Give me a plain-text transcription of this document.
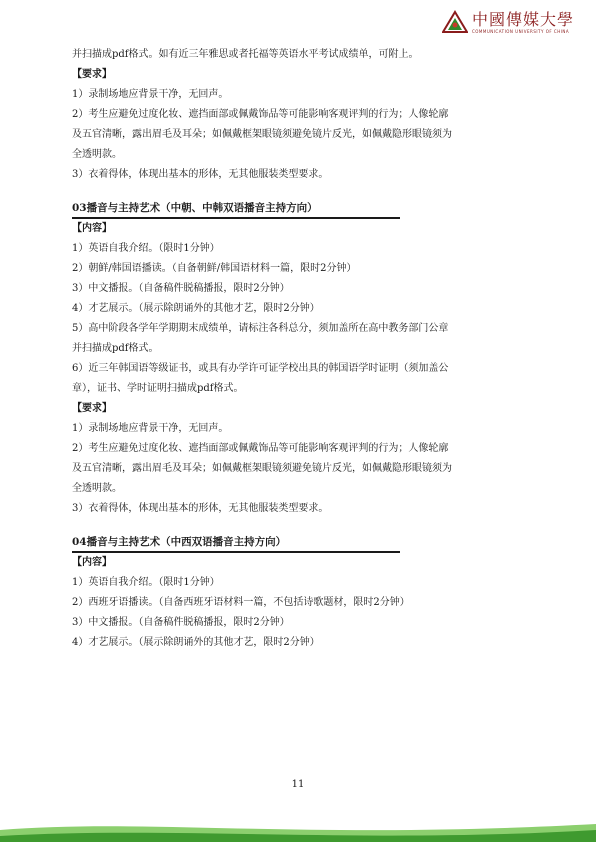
中國傳媒大學
COMMUNICATION UNIVERSITY OF CHINA
并扫描成pdf格式。如有近三年雅思或者托福等英语水平考试成绩单，可附上。
【要求】
1）录制场地应背景干净，无回声。
2）考生应避免过度化妆、遮挡面部或佩戴饰品等可能影响客观评判的行为；人像轮廓
及五官清晰，露出眉毛及耳朵；如佩戴框架眼镜须避免镜片反光，如佩戴隐形眼镜须为
全透明款。
3）衣着得体，体现出基本的形体，无其他服装类型要求。
03播音与主持艺术（中朝、中韩双语播音主持方向）
【内容】
1）英语自我介绍。（限时1分钟）
2）朝鲜/韩国语播读。（自备朝鲜/韩国语材料一篇，限时2分钟）
3）中文播报。（自备稿件脱稿播报，限时2分钟）
4）才艺展示。（展示除朗诵外的其他才艺，限时2分钟）
5）高中阶段各学年学期期末成绩单，请标注各科总分，须加盖所在高中教务部门公章
并扫描成pdf格式。
6）近三年韩国语等级证书，或具有办学许可证学校出具的韩国语学时证明（须加盖公
章），证书、学时证明扫描成pdf格式。
【要求】
1）录制场地应背景干净，无回声。
2）考生应避免过度化妆、遮挡面部或佩戴饰品等可能影响客观评判的行为；人像轮廓
及五官清晰，露出眉毛及耳朵；如佩戴框架眼镜须避免镜片反光，如佩戴隐形眼镜须为
全透明款。
3）衣着得体，体现出基本的形体，无其他服装类型要求。
04播音与主持艺术（中西双语播音主持方向）
【内容】
1）英语自我介绍。（限时1分钟）
2）西班牙语播读。（自备西班牙语材料一篇，不包括诗歌题材，限时2分钟）
3）中文播报。（自备稿件脱稿播报，限时2分钟）
4）才艺展示。（展示除朗诵外的其他才艺，限时2分钟）
11
